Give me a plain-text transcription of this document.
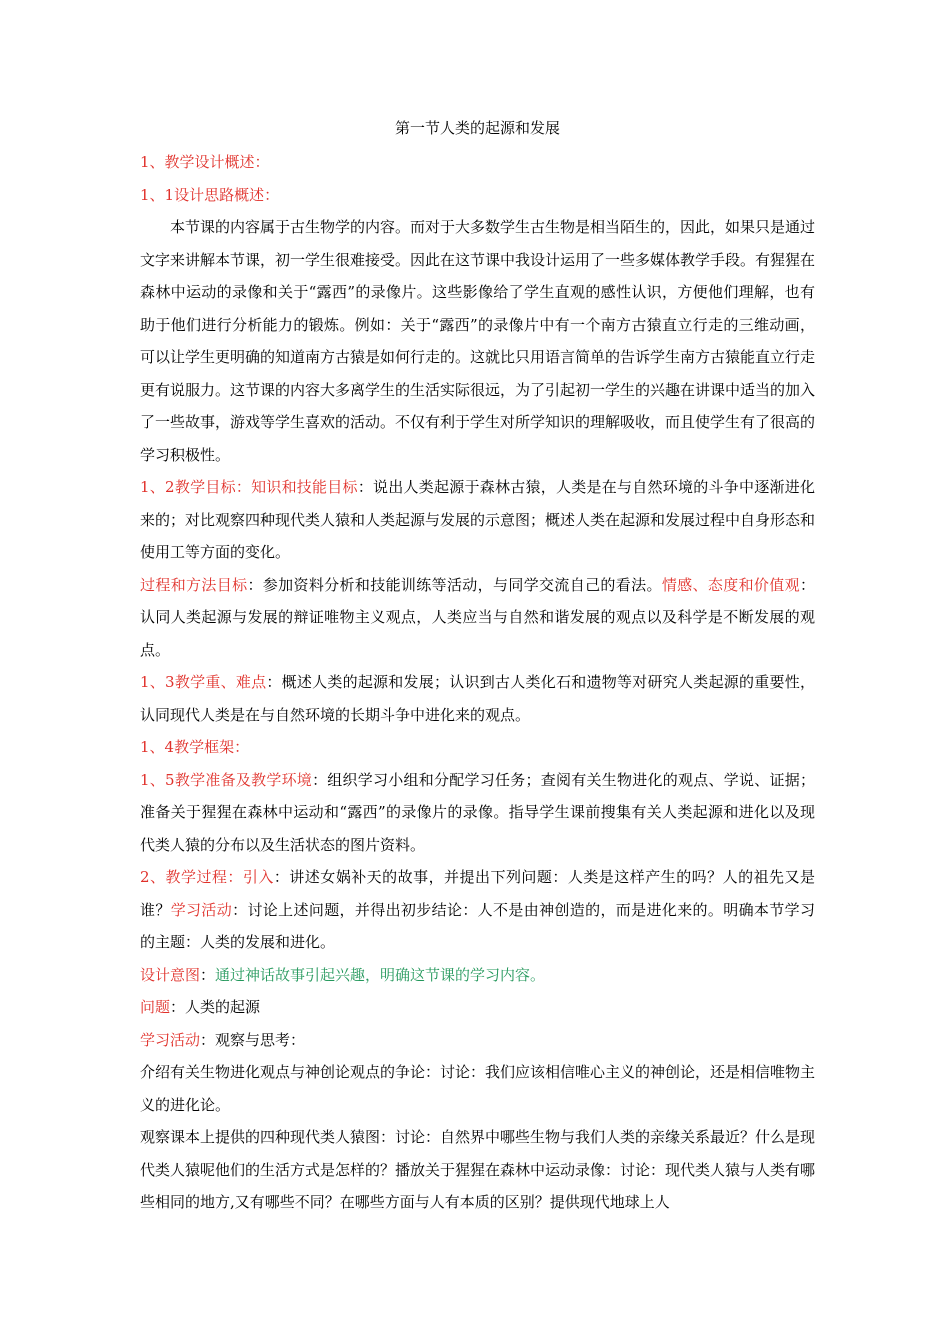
第一节人类的起源和发展

1、教学设计概述：

1、1设计思路概述：

本节课的内容属于古生物学的内容。而对于大多数学生古生物是相当陌生的，因此，如果只是通过文字来讲解本节课，初一学生很难接受。因此在这节课中我设计运用了一些多媒体教学手段。有猩猩在森林中运动的录像和关于“露西”的录像片。这些影像给了学生直观的感性认识，方便他们理解，也有助于他们进行分析能力的锻炼。例如：关于“露西”的录像片中有一个南方古猿直立行走的三维动画，可以让学生更明确的知道南方古猿是如何行走的。这就比只用语言简单的告诉学生南方古猿能直立行走更有说服力。这节课的内容大多离学生的生活实际很远，为了引起初一学生的兴趣在讲课中适当的加入了一些故事，游戏等学生喜欢的活动。不仅有利于学生对所学知识的理解吸收，而且使学生有了很高的学习积极性。

1、2教学目标：知识和技能目标：说出人类起源于森林古猿，人类是在与自然环境的斗争中逐渐进化来的；对比观察四种现代类人猿和人类起源与发展的示意图；概述人类在起源和发展过程中自身形态和使用工等方面的变化。

过程和方法目标：参加资料分析和技能训练等活动，与同学交流自己的看法。情感、态度和价值观：认同人类起源与发展的辩证唯物主义观点，人类应当与自然和谐发展的观点以及科学是不断发展的观点。

1、3教学重、难点：概述人类的起源和发展；认识到古人类化石和遗物等对研究人类起源的重要性，认同现代人类是在与自然环境的长期斗争中进化来的观点。

1、4教学框架：

1、5教学准备及教学环境：组织学习小组和分配学习任务；查阅有关生物进化的观点、学说、证据；准备关于猩猩在森林中运动和“露西”的录像片的录像。指导学生课前搜集有关人类起源和进化以及现代类人猿的分布以及生活状态的图片资料。

2、教学过程：引入：讲述女娲补天的故事，并提出下列问题：人类是这样产生的吗？人的祖先又是谁？学习活动：讨论上述问题，并得出初步结论：人不是由神创造的，而是进化来的。明确本节学习的主题：人类的发展和进化。

设计意图：通过神话故事引起兴趣，明确这节课的学习内容。

问题：人类的起源

学习活动：观察与思考：

介绍有关生物进化观点与神创论观点的争论：讨论：我们应该相信唯心主义的神创论，还是相信唯物主义的进化论。

观察课本上提供的四种现代类人猿图：讨论：自然界中哪些生物与我们人类的亲缘关系最近？什么是现代类人猿呢他们的生活方式是怎样的？播放关于猩猩在森林中运动录像：讨论：现代类人猿与人类有哪些相同的地方,又有哪些不同？在哪些方面与人有本质的区别？提供现代地球上人
